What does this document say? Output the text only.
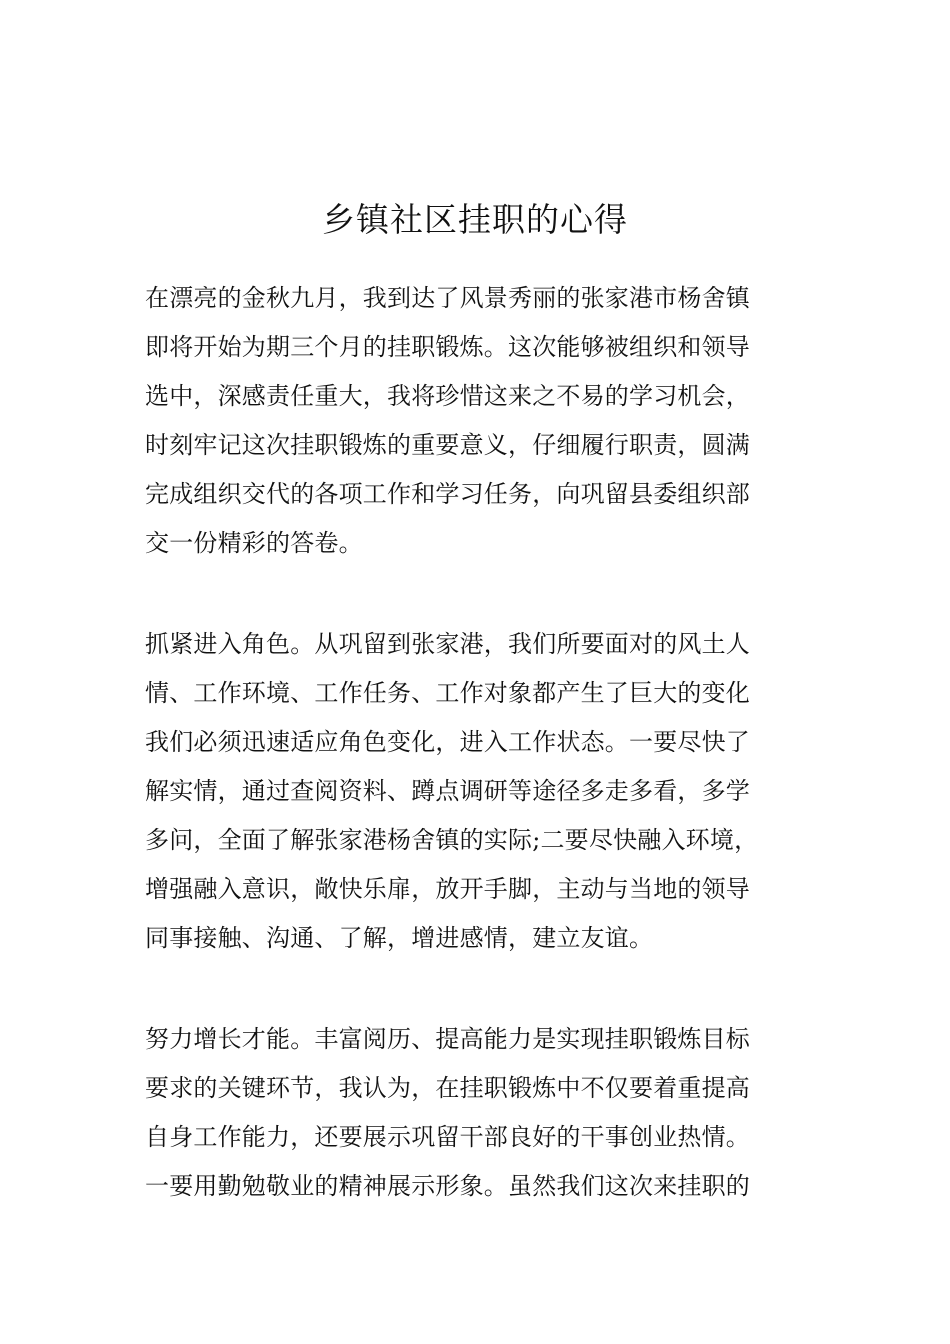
乡镇社区挂职的心得
在漂亮的金秋九月，我到达了风景秀丽的张家港市杨舍镇
即将开始为期三个月的挂职锻炼。这次能够被组织和领导
选中，深感责任重大，我将珍惜这来之不易的学习机会，
时刻牢记这次挂职锻炼的重要意义，仔细履行职责，圆满
完成组织交代的各项工作和学习任务，向巩留县委组织部
交一份精彩的答卷。
抓紧进入角色。从巩留到张家港，我们所要面对的风土人
情、工作环境、工作任务、工作对象都产生了巨大的变化
我们必须迅速适应角色变化，进入工作状态。一要尽快了
解实情，通过查阅资料、蹲点调研等途径多走多看，多学
多问，全面了解张家港杨舍镇的实际;二要尽快融入环境，
增强融入意识，敞快乐扉，放开手脚，主动与当地的领导
同事接触、沟通、了解，增进感情，建立友谊。
努力增长才能。丰富阅历、提高能力是实现挂职锻炼目标
要求的关键环节，我认为，在挂职锻炼中不仅要着重提高
自身工作能力，还要展示巩留干部良好的干事创业热情。
一要用勤勉敬业的精神展示形象。虽然我们这次来挂职的
